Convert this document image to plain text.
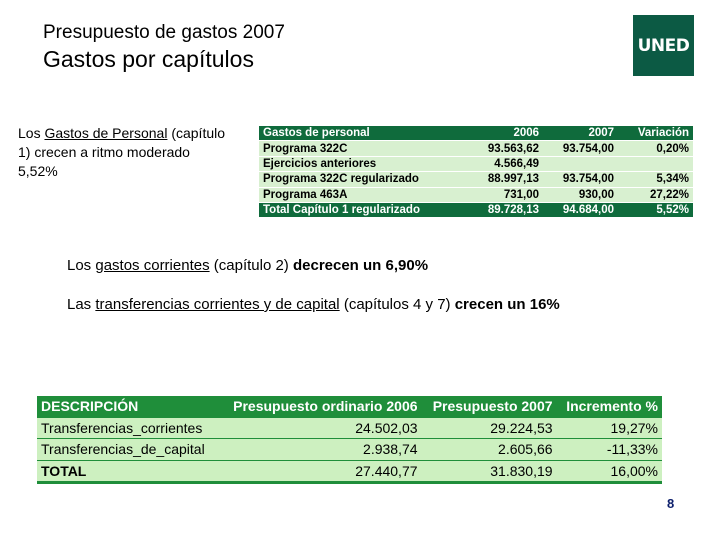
Presupuesto de gastos 2007
Gastos por capítulos
UNED
Los Gastos de Personal (capítulo 1) crecen a ritmo moderado 5,52%
Gastos de personal	2006	2007	Variación
Programa 322C	93.563,62	93.754,00	0,20%
Ejercicios anteriores	4.566,49		
Programa 322C regularizado	88.997,13	93.754,00	5,34%
Programa 463A	731,00	930,00	27,22%
Total Capítulo 1 regularizado	89.728,13	94.684,00	5,52%
Los gastos corrientes (capítulo 2) decrecen un 6,90%
Las transferencias corrientes y de capital (capítulos 4 y 7) crecen un 16%
DESCRIPCIÓN	Presupuesto ordinario 2006	Presupuesto 2007	Incremento %
Transferencias_corrientes	24.502,03	29.224,53	19,27%
Transferencias_de_capital	2.938,74	2.605,66	-11,33%
TOTAL	27.440,77	31.830,19	16,00%
8
